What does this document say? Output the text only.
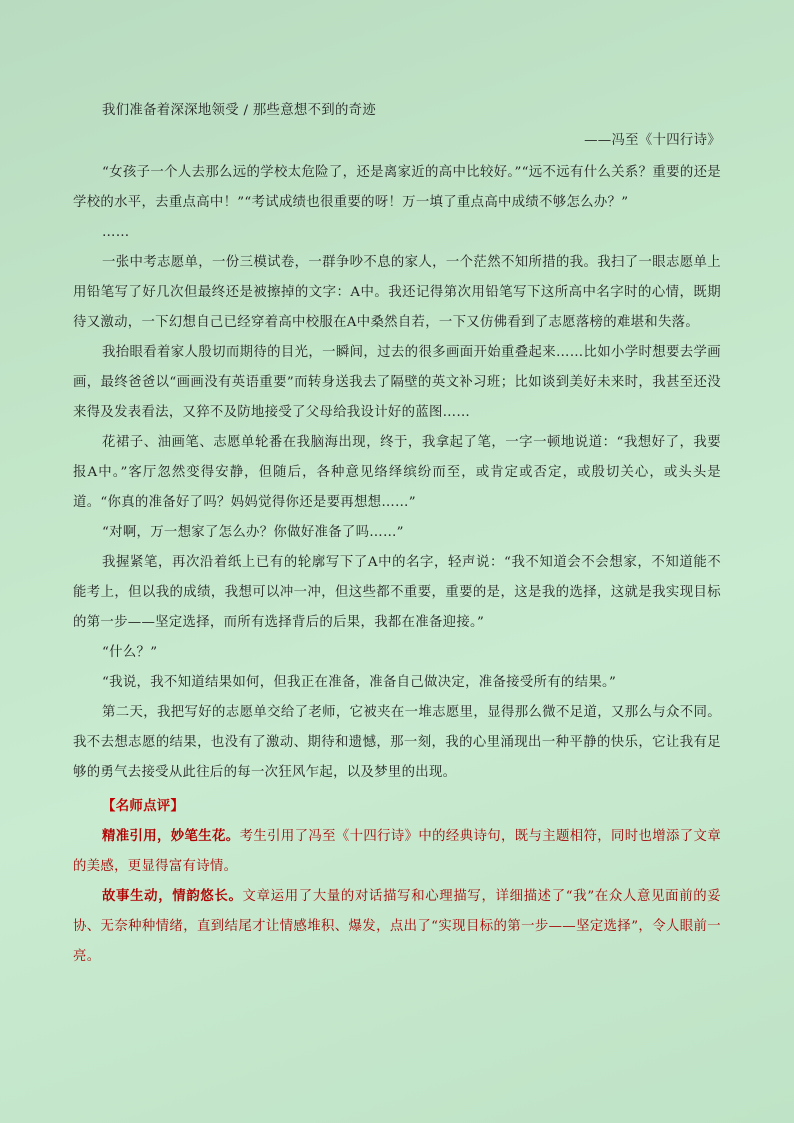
我们准备着深深地领受 / 那些意想不到的奇迹

——冯至《十四行诗》

“女孩子一个人去那么远的学校太危险了，还是离家近的高中比较好。”“远不远有什么关系？重要的还是学校的水平，去重点高中！”“考试成绩也很重要的呀！万一填了重点高中成绩不够怎么办？”

……

一张中考志愿单，一份三模试卷，一群争吵不息的家人，一个茫然不知所措的我。我扫了一眼志愿单上用铅笔写了好几次但最终还是被擦掉的文字：A中。我还记得第次用铅笔写下这所高中名字时的心情，既期待又激动，一下幻想自己已经穿着高中校服在A中桑然自若，一下又仿佛看到了志愿落榜的难堪和失落。

我抬眼看着家人殷切而期待的目光，一瞬间，过去的很多画面开始重叠起来……比如小学时想要去学画画，最终爸爸以“画画没有英语重要”而转身送我去了隔壁的英文补习班；比如谈到美好未来时，我甚至还没来得及发表看法，又猝不及防地接受了父母给我设计好的蓝图……

花裙子、油画笔、志愿单轮番在我脑海出现，终于，我拿起了笔，一字一顿地说道：“我想好了，我要报A中。”客厅忽然变得安静，但随后，各种意见络绎缤纷而至，或肯定或否定，或殷切关心，或头头是道。“你真的准备好了吗？妈妈觉得你还是要再想想……”

“对啊，万一想家了怎么办？你做好准备了吗……”

我握紧笔，再次沿着纸上已有的轮廓写下了A中的名字，轻声说：“我不知道会不会想家，不知道能不能考上，但以我的成绩，我想可以冲一冲，但这些都不重要，重要的是，这是我的选择，这就是我实现目标的第一步——坚定选择，而所有选择背后的后果，我都在准备迎接。”

“什么？”

“我说，我不知道结果如何，但我正在准备，准备自己做决定，准备接受所有的结果。”

第二天，我把写好的志愿单交给了老师，它被夹在一堆志愿里，显得那么微不足道，又那么与众不同。我不去想志愿的结果，也没有了激动、期待和遗憾，那一刻，我的心里涌现出一种平静的快乐，它让我有足够的勇气去接受从此往后的每一次狂风乍起，以及梦里的出现。

【名师点评】

精准引用，妙笔生花。考生引用了冯至《十四行诗》中的经典诗句，既与主题相符，同时也增添了文章的美感，更显得富有诗情。

故事生动，情韵悠长。文章运用了大量的对话描写和心理描写，详细描述了“我”在众人意见面前的妥协、无奈种种情绪，直到结尾才让情感堆积、爆发，点出了“实现目标的第一步——坚定选择”，令人眼前一亮。
